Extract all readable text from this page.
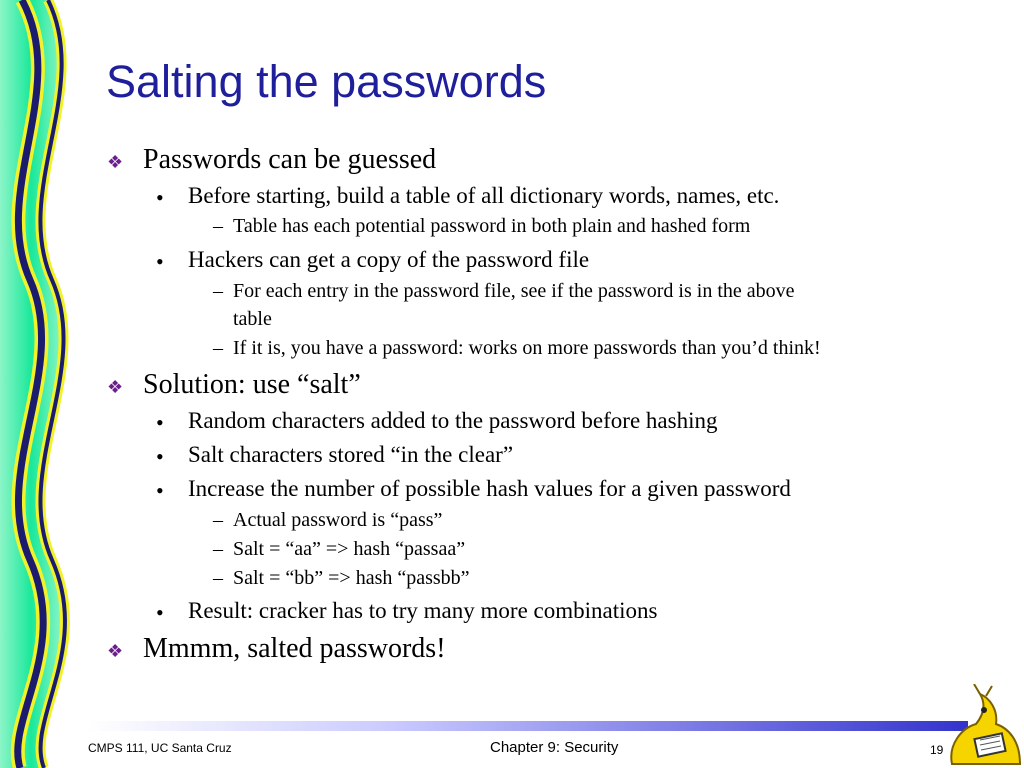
Salting the passwords
❖ Passwords can be guessed
• Before starting, build a table of all dictionary words, names, etc.
– Table has each potential password in both plain and hashed form
• Hackers can get a copy of the password file
– For each entry in the password file, see if the password is in the above
table
– If it is, you have a password: works on more passwords than you’d think!
❖ Solution: use “salt”
• Random characters added to the password before hashing
• Salt characters stored “in the clear”
• Increase the number of possible hash values for a given password
– Actual password is “pass”
– Salt = “aa” => hash “passaa”
– Salt = “bb” => hash “passbb”
• Result: cracker has to try many more combinations
❖ Mmmm, salted passwords!
CMPS 111, UC Santa Cruz	Chapter 9: Security	19
